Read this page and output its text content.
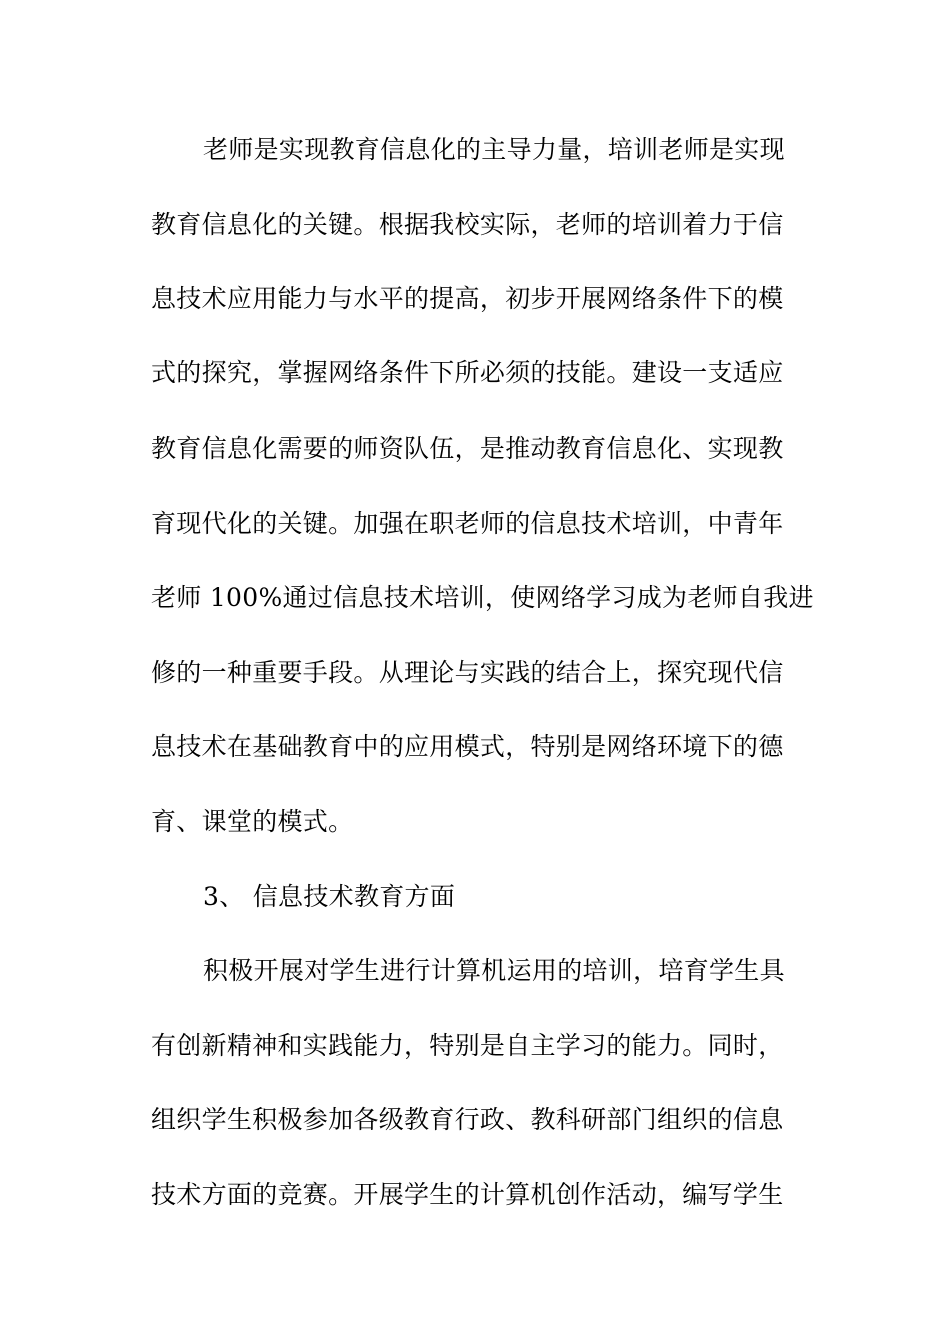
老师是实现教育信息化的主导力量，培训老师是实现
教育信息化的关键。根据我校实际，老师的培训着力于信
息技术应用能力与水平的提高，初步开展网络条件下的模
式的探究，掌握网络条件下所必须的技能。建设一支适应
教育信息化需要的师资队伍，是推动教育信息化、实现教
育现代化的关键。加强在职老师的信息技术培训，中青年
老师 100%通过信息技术培训，使网络学习成为老师自我进
修的一种重要手段。从理论与实践的结合上，探究现代信
息技术在基础教育中的应用模式，特别是网络环境下的德
育、课堂的模式。
3、 信息技术教育方面
积极开展对学生进行计算机运用的培训，培育学生具
有创新精神和实践能力，特别是自主学习的能力。同时，
组织学生积极参加各级教育行政、教科研部门组织的信息
技术方面的竞赛。开展学生的计算机创作活动，编写学生
